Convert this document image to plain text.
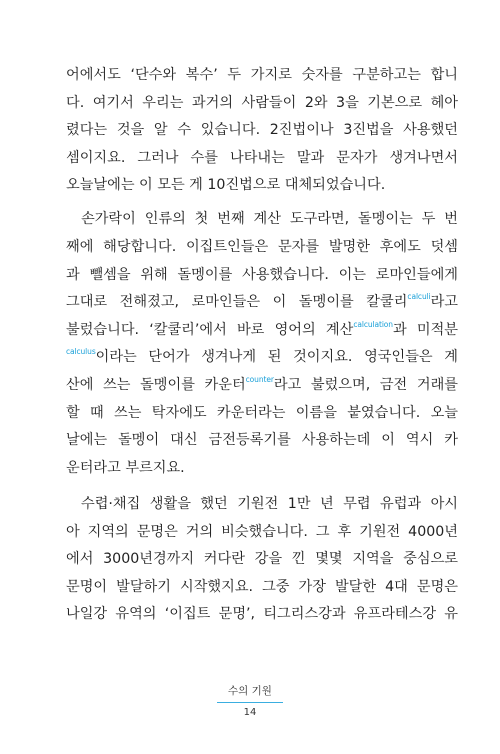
어에서도 ‘단수와 복수’ 두 가지로 숫자를 구분하고는 합니
다. 여기서 우리는 과거의 사람들이 2와 3을 기본으로 헤아
렸다는 것을 알 수 있습니다. 2진법이나 3진법을 사용했던
셈이지요. 그러나 수를 나타내는 말과 문자가 생겨나면서
오늘날에는 이 모든 게 10진법으로 대체되었습니다.
손가락이 인류의 첫 번째 계산 도구라면, 돌멩이는 두 번
째에 해당합니다. 이집트인들은 문자를 발명한 후에도 덧셈
과 뺄셈을 위해 돌멩이를 사용했습니다. 이는 로마인들에게
그대로 전해졌고, 로마인들은 이 돌멩이를 칼쿨리$^{calculi}$라고
불렀습니다. ‘칼쿨리’에서 바로 영어의 계산$^{calculation}$과 미적분
$^{calculus}$이라는 단어가 생겨나게 된 것이지요. 영국인들은 계
산에 쓰는 돌멩이를 카운터$^{counter}$라고 불렀으며, 금전 거래를
할 때 쓰는 탁자에도 카운터라는 이름을 붙였습니다. 오늘
날에는 돌멩이 대신 금전등록기를 사용하는데 이 역시 카
운터라고 부르지요.
수렵·채집 생활을 했던 기원전 1만 년 무렵 유럽과 아시
아 지역의 문명은 거의 비슷했습니다. 그 후 기원전 4000년
에서 3000년경까지 커다란 강을 낀 몇몇 지역을 중심으로
문명이 발달하기 시작했지요. 그중 가장 발달한 4대 문명은
나일강 유역의 ‘이집트 문명’, 티그리스강과 유프라테스강 유
수의 기원
14
